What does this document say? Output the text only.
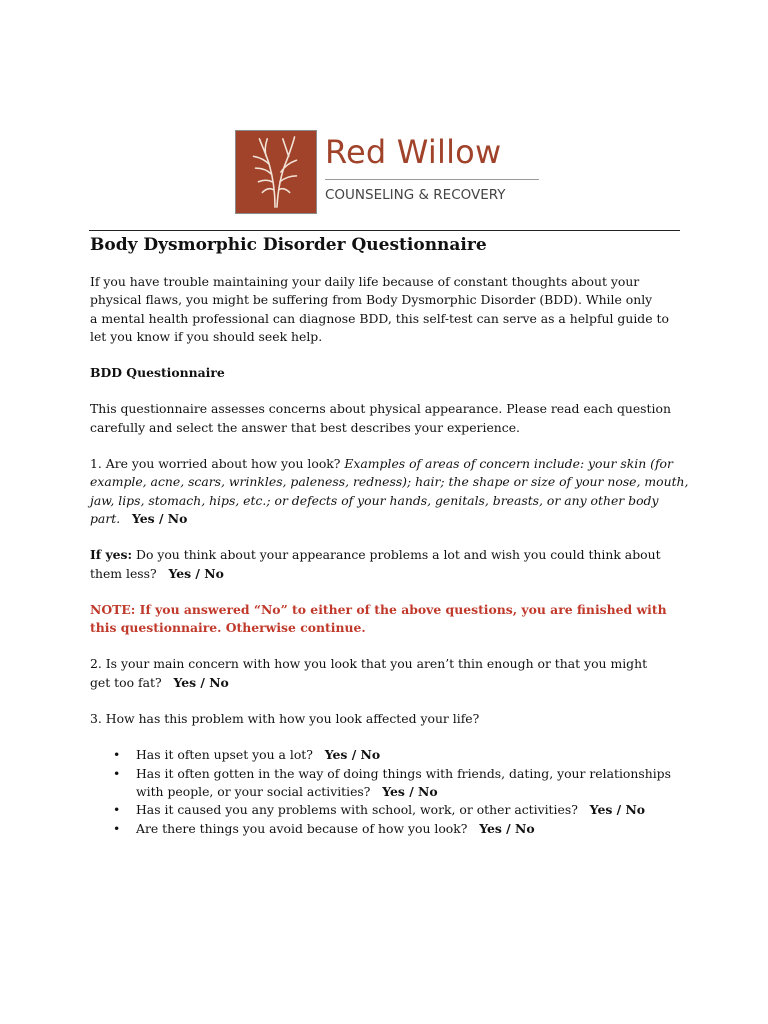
Red Willow
COUNSELING & RECOVERY
Body Dysmorphic Disorder Questionnaire

If you have trouble maintaining your daily life because of constant thoughts about your
physical flaws, you might be suffering from Body Dysmorphic Disorder (BDD). While only
a mental health professional can diagnose BDD, this self-test can serve as a helpful guide to
let you know if you should seek help.

BDD Questionnaire

This questionnaire assesses concerns about physical appearance. Please read each question
carefully and select the answer that best describes your experience.

1. Are you worried about how you look? Examples of areas of concern include: your skin (for
example, acne, scars, wrinkles, paleness, redness); hair; the shape or size of your nose, mouth,
jaw, lips, stomach, hips, etc.; or defects of your hands, genitals, breasts, or any other body
part. Yes / No

If yes: Do you think about your appearance problems a lot and wish you could think about
them less? Yes / No

NOTE: If you answered “No” to either of the above questions, you are finished with
this questionnaire. Otherwise continue.

2. Is your main concern with how you look that you aren’t thin enough or that you might
get too fat? Yes / No

3. How has this problem with how you look affected your life?

• Has it often upset you a lot? Yes / No
• Has it often gotten in the way of doing things with friends, dating, your relationships
with people, or your social activities? Yes / No
• Has it caused you any problems with school, work, or other activities? Yes / No
• Are there things you avoid because of how you look? Yes / No
